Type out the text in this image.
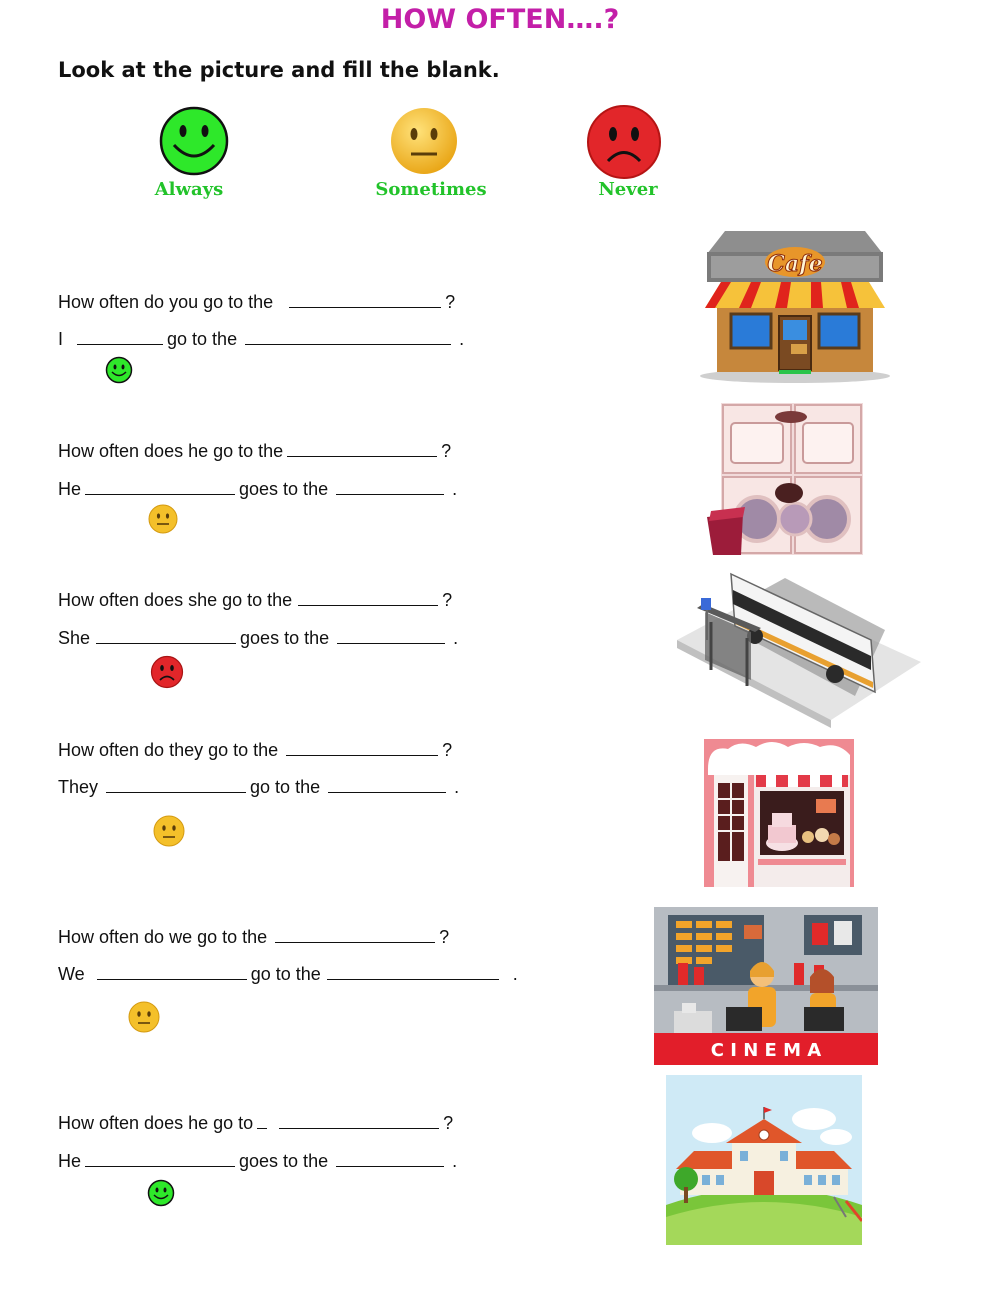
HOW OFTEN….?
Look at the picture and fill the blank.
Always	Sometimes	Never
How often do you go to the	?
I	go to the	.
How often does he go to the	?
He	goes to the	.
How often does she go to the	?
She	goes to the	.
How often do they go to the	?
They	go to the	.
How often do we go to the	?
We	go to the	.
How often does he go to	?
He	goes to the	.
Cafe
C I N E M A
